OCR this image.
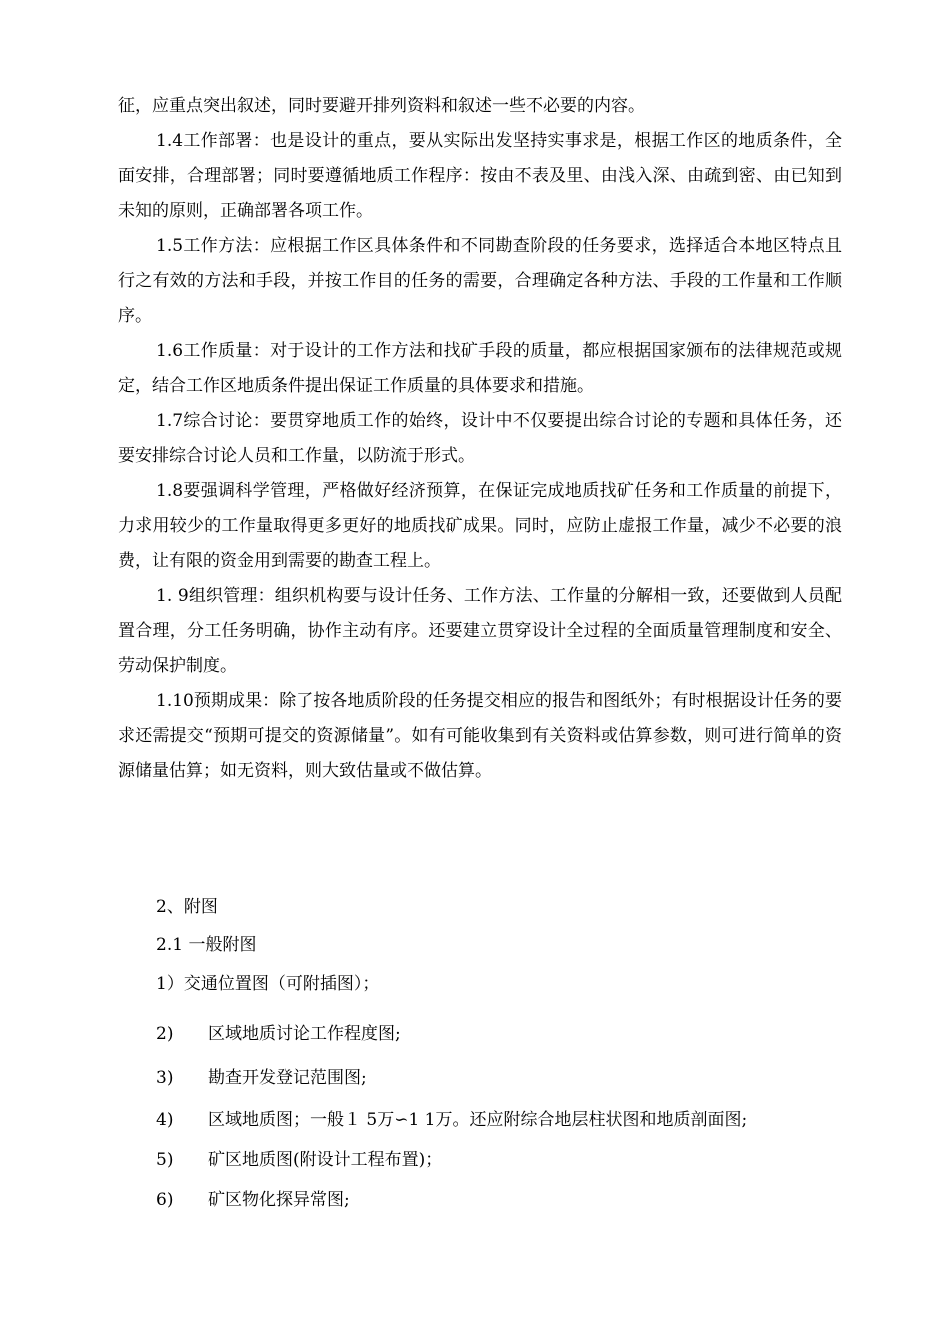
征，应重点突出叙述，同时要避开排列资料和叙述一些不必要的内容。

1.4工作部署：也是设计的重点，要从实际出发坚持实事求是，根据工作区的地质条件，全面安排，合理部署；同时要遵循地质工作程序：按由不表及里、由浅入深、由疏到密、由已知到未知的原则，正确部署各项工作。

1.5工作方法：应根据工作区具体条件和不同勘查阶段的任务要求，选择适合本地区特点且行之有效的方法和手段，并按工作目的任务的需要，合理确定各种方法、手段的工作量和工作顺序。

1.6工作质量：对于设计的工作方法和找矿手段的质量，都应根据国家颁布的法律规范或规定，结合工作区地质条件提出保证工作质量的具体要求和措施。

1.7综合讨论：要贯穿地质工作的始终，设计中不仅要提出综合讨论的专题和具体任务，还要安排综合讨论人员和工作量，以防流于形式。

1.8要强调科学管理，严格做好经济预算，在保证完成地质找矿任务和工作质量的前提下，力求用较少的工作量取得更多更好的地质找矿成果。同时，应防止虚报工作量，减少不必要的浪费，让有限的资金用到需要的勘查工程上。

1. 9组织管理：组织机构要与设计任务、工作方法、工作量的分解相一致，还要做到人员配置合理，分工任务明确，协作主动有序。还要建立贯穿设计全过程的全面质量管理制度和安全、劳动保护制度。

1.10预期成果：除了按各地质阶段的任务提交相应的报告和图纸外；有时根据设计任务的要求还需提交“预期可提交的资源储量”。如有可能收集到有关资料或估算参数，则可进行简单的资源储量估算；如无资料，则大致估量或不做估算。

2、附图
2.1 一般附图
1）交通位置图（可附插图）；
2) 区域地质讨论工作程度图;
3) 勘查开发登记范围图;
4) 区域地质图；一般１ 5万∽1 1万。还应附综合地层柱状图和地质剖面图;
5) 矿区地质图(附设计工程布置)；
6) 矿区物化探异常图;
